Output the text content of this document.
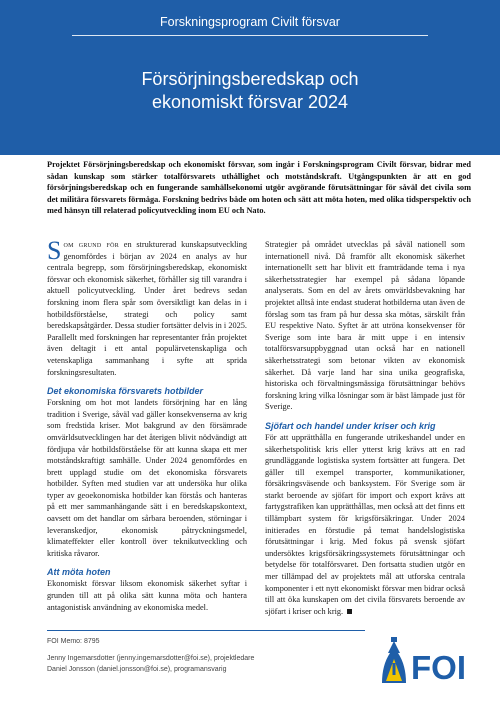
Forskningsprogram Civilt försvar
Försörjningsberedskap och
ekonomiskt försvar 2024

Projektet Försörjningsberedskap och ekonomiskt försvar, som ingår i Forskningsprogram Civilt försvar, bidrar med sådan kunskap som stärker totalförsvarets uthållighet och motståndskraft. Utgångspunkten är att en god försörjningsberedskap och en fungerande samhällsekonomi utgör avgörande förutsättningar för såväl det civila som det militära försvarets förmåga. Forskning bedrivs både om hoten och sätt att möta hoten, med olika tidsperspektiv och med hänsyn till relaterad policyutveckling inom EU och Nato.

Som grund för en strukturerad kunskapsutveckling genomfördes i början av 2024 en analys av hur centrala begrepp, som försörjningsberedskap, ekonomiskt försvar och ekonomisk säkerhet, förhåller sig till varandra i aktuell policyutveckling. Under året bedrevs sedan forskning inom flera spår som översiktligt kan delas in i hotbildsförståelse, strategi och policy samt beredskapsåtgärder. Dessa studier fortsätter delvis in i 2025. Parallellt med forskningen har representanter från projektet även deltagit i ett antal populärvetenskapliga och vetenskapliga sammanhang i syfte att sprida forskningsresultaten.

Det ekonomiska försvarets hotbilder

Forskning om hot mot landets försörjning har en lång tradition i Sverige, såväl vad gäller konsekvenserna av krig som fredstida kriser. Mot bakgrund av den försämrade omvärldsutvecklingen har det återigen blivit nödvändigt att fördjupa vår hotbildsförståelse för att kunna skapa ett mer motståndskraftigt samhälle. Under 2024 genomfördes en brett upplagd studie om det ekonomiska försvarets hotbilder. Syften med studien var att undersöka hur olika typer av geoekonomiska hotbilder kan förstås och hanteras på ett mer sammanhängande sätt i en beredskapskontext, oavsett om det handlar om sårbara beroenden, störningar i leveranskedjor, ekonomisk påtryckningsmedel, klimateffekter eller kontroll över teknikutveckling och kritiska råvaror.

Att möta hoten

Ekonomiskt försvar liksom ekonomisk säkerhet syftar i grunden till att på olika sätt kunna möta och hantera antagonistisk användning av ekonomiska medel.

Strategier på området utvecklas på såväl nationell som internationell nivå. Då framför allt ekonomisk säkerhet internationellt sett har blivit ett framträdande tema i nya säkerhetsstrategier har exempel på sådana löpande analyserats. Som en del av årets omvärldsbevakning har projektet alltså inte endast studerat hotbilderna utan även de förslag som tas fram på hur dessa ska mötas, särskilt från EU respektive Nato. Syftet är att utröna konsekvenser för Sverige som inte bara är mitt uppe i en intensiv totalförsvarsuppbyggnad utan också har en nationell säkerhetsstrategi som betonar vikten av ekonomisk säkerhet. Då varje land har sina unika geografiska, historiska och förvaltningsmässiga förutsättningar behövs forskning kring vilka lösningar som är bäst lämpade just för Sverige.

Sjöfart och handel under kriser och krig

För att upprätthålla en fungerande utrikeshandel under en säkerhetspolitisk kris eller ytterst krig krävs att en rad grundläggande logistiska system fortsätter att fungera. Det gäller till exempel transporter, kommunikationer, försäkringsväsende och banksystem. För Sverige som är starkt beroende av sjöfart för import och export krävs att fartygstrafiken kan upprätthållas, men också att det finns ett tillämpbart system för krigsförsäkringar. Under 2024 initierades en förstudie på temat handelslogistiska förutsättningar i krig. Med fokus på svensk sjöfart undersöktes krigsförsäkringssystemets förutsättningar och betydelse för totalförsvaret. Den fortsatta studien utgör en mer tillämpad del av projektets mål att utforska centrala komponenter i ett nytt ekonomiskt försvar men bidrar också till att öka kunskapen om det civila försvarets beroende av sjöfart i kriser och krig.

FOI Memo: 8795
Jenny Ingemarsdotter (jenny.ingemarsdotter@foi.se), projektledare
Daniel Jonsson (daniel.jonsson@foi.se), programansvarig	FOI
